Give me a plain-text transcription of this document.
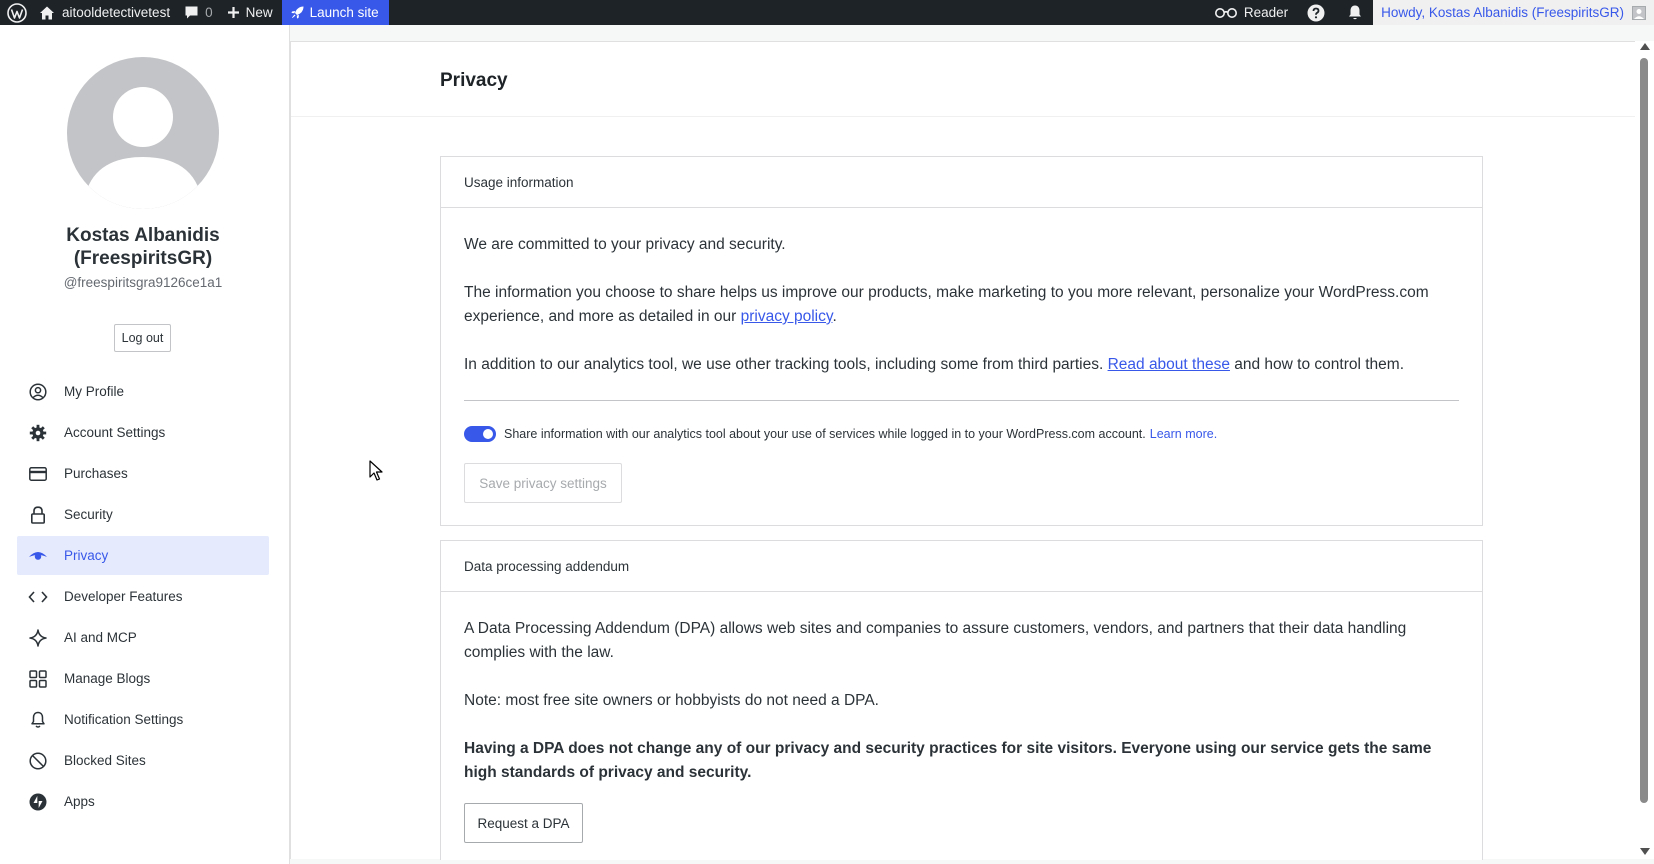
aitooldetectivetest	0 New	Launch site	Reader	Howdy, Kostas Albanidis (FreespiritsGR)
Kostas Albanidis (FreespiritsGR)
@freespiritsgra9126ce1a1
Log out
My Profile
Account Settings
Purchases
Security
Privacy
Developer Features
AI and MCP
Manage Blogs
Notification Settings
Blocked Sites
Apps
Privacy
Usage information

We are committed to your privacy and security.

The information you choose to share helps us improve our products, make marketing to you more relevant, personalize your WordPress.com experience, and more as detailed in our privacy policy.

In addition to our analytics tool, we use other tracking tools, including some from third parties. Read about these and how to control them.

Share information with our analytics tool about your use of services while logged in to your WordPress.com account. Learn more.
Save privacy settings
Data processing addendum

A Data Processing Addendum (DPA) allows web sites and companies to assure customers, vendors, and partners that their data handling complies with the law.

Note: most free site owners or hobbyists do not need a DPA.

Having a DPA does not change any of our privacy and security practices for site visitors. Everyone using our service gets the same high standards of privacy and security.

Request a DPA
